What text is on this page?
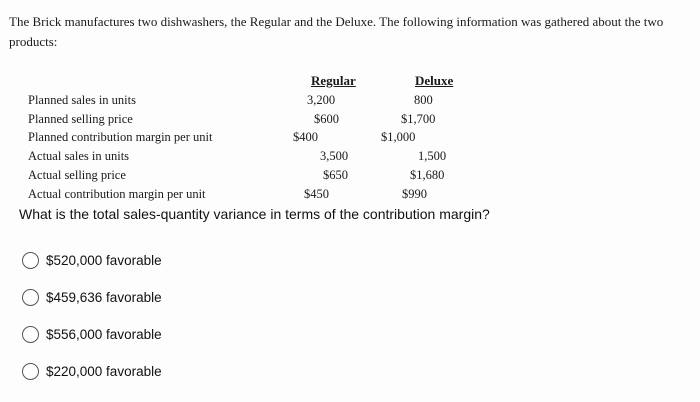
The Brick manufactures two dishwashers, the Regular and the Deluxe. The following information was gathered about the two products:
Regular	Deluxe
Planned sales in units	3,200	800
Planned selling price	$600	$1,700
Planned contribution margin per unit	$400	$1,000
Actual sales in units	3,500	1,500
Actual selling price	$650	$1,680
Actual contribution margin per unit	$450	$990
What is the total sales-quantity variance in terms of the contribution margin?
$520,000 favorable
$459,636 favorable
$556,000 favorable
$220,000 favorable
